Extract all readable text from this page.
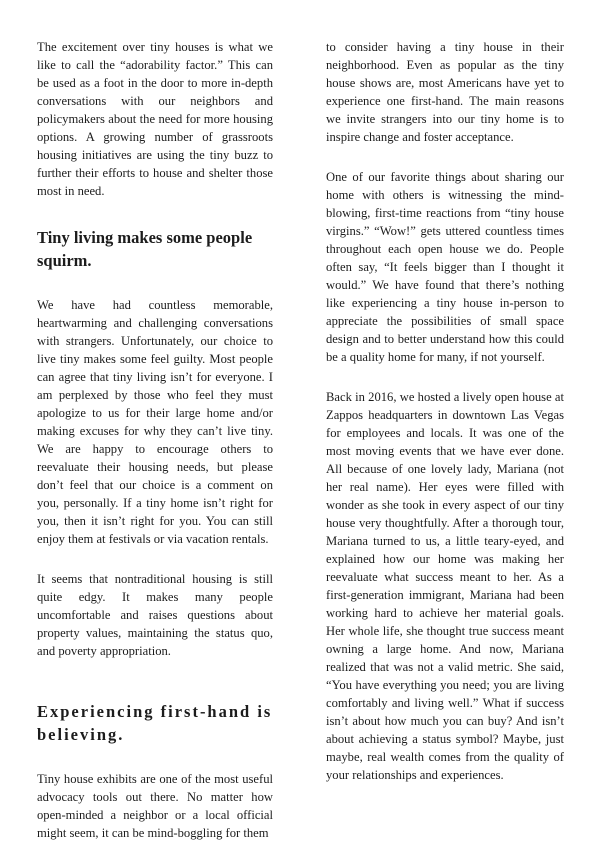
The excitement over tiny houses is what we like to call the “adorability factor.” This can be used as a foot in the door to more in-depth conversations with our neighbors and policymakers about the need for more housing options. A growing number of grassroots housing initiatives are using the tiny buzz to further their efforts to house and shelter those most in need.

Tiny living makes some people squirm.

We have had countless memorable, heartwarming and challenging conversations with strangers. Unfortunately, our choice to live tiny makes some feel guilty. Most people can agree that tiny living isn’t for everyone. I am perplexed by those who feel they must apologize to us for their large home and/or making excuses for why they can’t live tiny. We are happy to encourage others to reevaluate their housing needs, but please don’t feel that our choice is a comment on you, personally. If a tiny home isn’t right for you, then it isn’t right for you. You can still enjoy them at festivals or via vacation rentals.

It seems that nontraditional housing is still quite edgy. It makes many people uncomfortable and raises questions about property values, maintaining the status quo, and poverty appropriation.

Experiencing first-hand is believing.

Tiny house exhibits are one of the most useful advocacy tools out there. No matter how open-minded a neighbor or a local official might seem, it can be mind-boggling for them

to consider having a tiny house in their neighborhood. Even as popular as the tiny house shows are, most Americans have yet to experience one first-hand. The main reasons we invite strangers into our tiny home is to inspire change and foster acceptance.

One of our favorite things about sharing our home with others is witnessing the mind-blowing, first-time reactions from “tiny house virgins.” “Wow!” gets uttered countless times throughout each open house we do. People often say, “It feels bigger than I thought it would.” We have found that there’s nothing like experiencing a tiny house in-person to appreciate the possibilities of small space design and to better understand how this could be a quality home for many, if not yourself.

Back in 2016, we hosted a lively open house at Zappos headquarters in downtown Las Vegas for employees and locals. It was one of the most moving events that we have ever done. All because of one lovely lady, Mariana (not her real name). Her eyes were filled with wonder as she took in every aspect of our tiny house very thoughtfully. After a thorough tour, Mariana turned to us, a little teary-eyed, and explained how our home was making her reevaluate what success meant to her. As a first-generation immigrant, Mariana had been working hard to achieve her material goals. Her whole life, she thought true success meant owning a large home. And now, Mariana realized that was not a valid metric. She said, “You have everything you need; you are living comfortably and living well.” What if success isn’t about how much you can buy? And isn’t about achieving a status symbol? Maybe, just maybe, real wealth comes from the quality of your relationships and experiences.
